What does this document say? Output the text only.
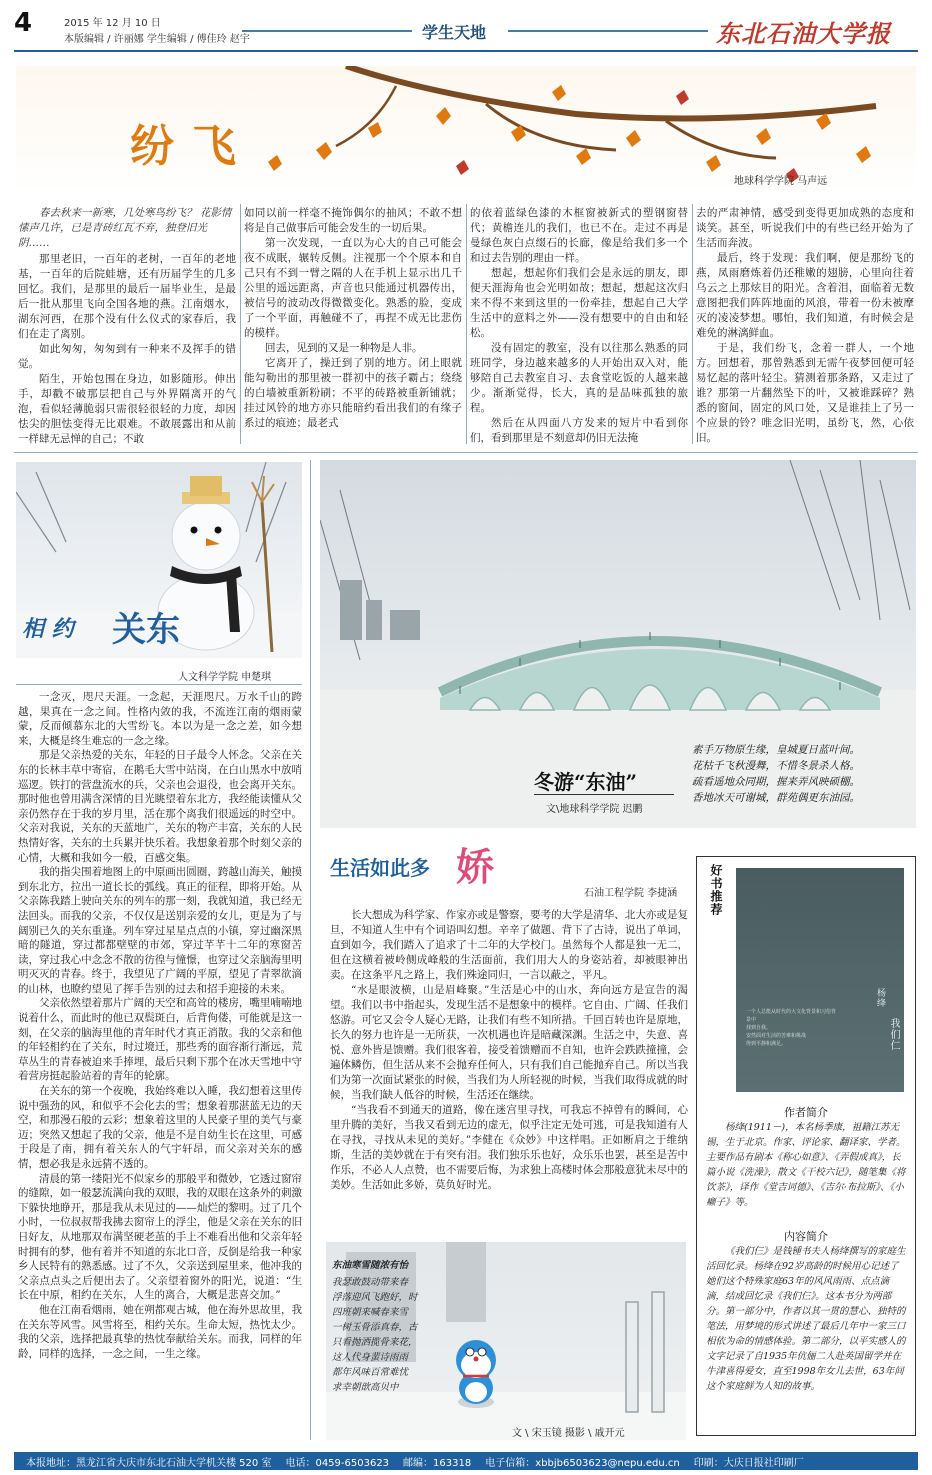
4	2015 年 12 月 10 日
本版编辑 / 许丽娜 学生编辑 / 傅佳玲 赵宇	学生天地	东北石油大学报
纷飞
地球科学学院 马声远
春去秋来一新寒，几处寒鸟纷飞？ 花影情愫声几许，已是青砖红瓦不弃，独登旧光阴……

那里老旧，一百年的老树，一百年的老地基，一百年的后院蛙塘，还有历届学生的几多回忆。我们，是那里的最后一届毕业生，是最后一批从那里飞向全国各地的燕。江南烟水，湖东河西，在那个没有什么仪式的家春后，我们在走了离别。

如此匆匆，匆匆到有一种来不及挥手的错觉。

陌生，开始包围在身边，如影随形。伸出手，却戳不破那层把自己与外界隔离开的气泡，看似轻薄脆弱只需很轻很轻的力度，却因怯尖的胆怯变得无比艰难。不敢展露出和从前一样肆无忌惮的自己；不敢

如同以前一样毫不掩饰偶尔的抽风；不敢不想将是自己做事后可能会发生的一切后果。

第一次发现，一直以为心大的自己可能会夜不成眠，辗转反侧。注视那一个个原本和自己只有不到一臂之隔的人在手机上显示出几千公里的遥远距离，声音也只能通过机器传出，被信号的波动改得微微变化。熟悉的脸，变成了一个平面，再触碰不了，再捏不成无比悲伤的模样。

回去，见到的又是一种物是人非。

它离开了，操迁到了别的地方。闭上眼就能勾勒出的那里被一群初中的孩子霸占；绕绕的白墙被重新粉刷；不平的砖路被重新铺就；挂过风铃的地方亦只能暗约看出我们的有缘子系过的痕迹；最老式

的依着蓝绿色漆的木框窗被新式的塑钢窗替代；黄檐连儿的我们，也已不在。走过不再是曼绿色灰白点缀石的长廊，像是给我们多一个和过去告别的理由一样。

想起，想起你们我们会是永远的朋友，即便天涯海角也会光明如故；想起，想起这次归来不得不来到这里的一份牵挂，想起自己大学生活中的意料之外——没有想要中的自由和轻松。

没有固定的教室，没有以往那么熟悉的同班同学，身边越来越多的人开始出双入对，能够陪自己去教室自习、去食堂吃饭的人越来越少。渐渐觉得，长大，真的是品味孤独的旅程。

然后在从四面八方发来的短片中看到你们，看到那里是不刻意却仍旧无法掩

去的严肃神情，感受到变得更加成熟的态度和谈笑。甚至，听说我们中的有些已经开始为了生活而奔波。

最后，终于发现：我们啊，便是那纷飞的燕，凤雨磨炼着仍还稚嫩的翅膀，心里向往着乌云之上那炫目的阳光。含着泪，面临着无数意图把我们阵阵地面的风浪，带着一份未被摩灭的凌凌梦想。哪怕，我们知道，有时候会是难免的淋漓鲜血。

于是，我们纷飞，念着一群人，一个地方。回想着，那曾熟悉到无需午夜梦回便可轻易忆起的落叶轻尘。猜测着那条路，又走过了谁？那第一片翻然坠下的叶，又被谁踩碎？熟悉的窗间，固定的风口处，又是谁挂上了另一个应景的铃？唯念旧光明，虽纷飞，然，心依旧。

相 约 关东
人文科学学院 申楚琪

一念灭，咫尺天涯。一念起，天涯咫尺。万水千山的跨越，果真在一念之间。性格内敛的我，不流连江南的烟雨蒙蒙，反而倾慕东北的大雪纷飞。本以为是一念之差，如今想来，大概是终生难忘的一念之缘。

那是父亲热爱的关东，年轻的日子最令人怀念。父亲在关东的长林丰草中寄宿，在鹅毛大雪中站岗，在白山黑水中放哨巡逻。铁打的营盘流水的兵，父亲也会退役，也会离开关东。那时他也曾用满含深情的目光眺望着东北方，我经能读懂从父亲仍然存在于我的岁月里，活在那个离我们很遥远的时空中。父亲对我说，关东的天蓝地广，关东的物产丰富，关东的人民热情好客，关东的土兵累并快乐着。我想象着那个时刻父亲的心情，大概和我如今一般，百感交集。

我的指尖围着地图上的中原画出圆圈，跨越山海关，触摸到东北方，拉出一道长长的弧线。真正的征程，即将开始。从父亲陈我踏上驶向关东的列车的那一刻，我就知道，我已经无法回头。而我的父亲，不仅仅是送别亲爱的女儿，更是为了与阔别已久的关东重逢。列车穿过星星点点的小镇，穿过幽深黑暗的隧道，穿过都都壁壁的市郊，穿过芊芊十二年的寒窗苦读，穿过我心中念念不散的彷徨与憧憬，也穿过父亲脑海里明明灭灭的青春。终于，我望见了广阔的平原，望见了青翠欲滴的山林，也瞭约望见了挥手告别的过去和招手迎接的未来。

父亲依然望着那片广阔的天空和高耸的楼房，嘴里喃喃地说着什么，而此时的他已双鬓斑白，后背佝偻，可能就是这一刻，在父亲的脑海里他的青年时代才真正消散。我的父亲和他的年轻相约在了关东，时过境迁，那些秀的面容渐行渐远，荒草丛生的青春被迫来手捧埋，最后只剩下那个在冰天雪地中守着营房挺起脸站着的青年的轮廓。

在关东的第一个夜晚，我始终难以入睡，我幻想着这里传说中强劲的风，和似乎不会化去的雪；想象着那湛蓝无边的天空，和那漫石般的云彩；想象着这里的人民豪子里的美气与豪迈；突然又想起了我的父亲，他是不是自幼生长在这里，可感于段是了南，拥有着关东人的气宇轩昂，而父亲对关东的感情，想必我是永远猜不透的。

清晨的第一缕阳光不似家乡的那般平和微妙，它透过窗帘的缝隙，如一般瑟流满向我的双眼，我的双眼在这条外的刺激下躲快地睁开，那是我从未见过的——灿烂的黎明。过了几个小时，一位叔叔帮我拂去窗帘上的浮尘，他是父亲在关东的旧日好友，从地那双布满坚硬老茧的手上不难看出他和父亲年轻时拥有的梦，他有着并不知道的东北口音，反倒是给我一种家乡人民特有的熟悉感。过了不久，父亲送到屋里来，他冲我的父亲点点头之后便出去了。父亲望着窗外的阳光，说道：“生长在中原，相约在关东，人生的离合，大概是悲喜交加。”

他在江南看烟雨，她在朔都观古城，他在海外思故里，我在关东等风雪。风雪将至，相约关东。生命太短，热忱太少。我的父亲，选择把最真挚的热忱奉献给关东。而我，同样的年龄，同样的选择，一念之间，一生之缘。

冬游“东油”
文\地球科学学院 迟鹏
素手万物原生缘，皇城夏日蓝叶间。
花枯千飞秋漫舞，不惜冬景杀人格。
疏看遥地众同期，握来弄风映硕棚。
香地冰天可谢城，群苑偶更东油园。
生活如此多 娇
石油工程学院 李捷涵

长大想成为科学家、作家亦或是警察，要考的大学是清华、北大亦或是复旦，不知道人生中有个词语叫幻想。辛辛了做题、背下了古诗，说出了单词，直到如今，我们踏入了追求了十二年的大学校门。虽然每个人都是独一无二，但在这横着被岭侧成峰般的生活面前，我们用大人的身姿站着，却被眼神出卖。在这条平凡之路上，我们殊途同归，一言以蔽之，平凡。

“水是眼波横，山是眉峰聚。”生活是心中的山水，奔向远方是宣告的渴望。我们以书中指起头，发现生活不是想象中的模样。它自由、广阔、任我们悠游。可它又会令人疑心无路，让我们有些不知所措。千回百转也许是原地，长久的努力也许是一无所获，一次机遇也许是暗藏深渊。生活之中，失意、喜悦、意外皆是馈赠。我们很客着，接受着馈赠而不自知，也许会跌跌撞撞，会遍体鳞伤，但生活从来不会抛弃任何人，只有我们自己能抛弃自己。所以当我们为第一次面试紧张的时候，当我们为人所轻视的时候，当我们取得成就的时候，当我们缺人低谷的时候，生活还在继续。

“当我看不到通天的道路，像在迷宫里寻找，可我忘不掉曾有的瞬间，心里升腾的美好，当我又看到无边的虚无，似乎注定无处可逃，可是我知道有人在寻找，寻找从未见的美好。”李健在《众妙》中这样唱。正如断肩之于维纳斯，生活的美妙就在于有突有泪。我们独乐乐也好，众乐乐也罢，甚至是苦中作乐，不必人人点赞，也不需要后悔，为求独上高楼时体会那般意犹未尽中的美妙。生活如此多娇，莫负好时光。

东油寒雪随浓有怡
我瑟敢鼓动带来春
浮落迎风飞跑好，时
四班朝来喊春来雪
一树玉骨添真春，古
只看抛洒揽骨来花，
这人代身蜚诗雨雨
都年风味百常难忧
求幸朝歆高贝中
文 \ 宋玉镜 摄影 \ 戚开元
好书推荐
一个人总能从时代的大文化背景和习俗背景中
找到自我。
安然面对生活的苦难和挑战
得到平静和满足。
杨绛
我们仁
作者简介
杨绛(1911－)，本名杨季康，祖籍江苏无锡，生于北京。作家、评论家、翻译家、学者。主要作品有剧本《称心如意》、《弄假成真》，长篇小说《洗澡》，散文《干校六记》，随笔集《将饮茶》，译作《堂吉诃德》、《吉尔·布拉斯》、《小癞子》等。
内容简介
《我们仨》是钱锺书夫人杨绛撰写的家庭生活回忆录。杨绛在92岁高龄的时候用心记述了她们这个特殊家庭63年的风风雨雨、点点滴滴，结成回忆录《我们仨》。这本书分为两部分。第一部分中，作者以其一贯的慧心、独特的笔法，用梦境的形式讲述了最后几年中一家三口相依为命的情感体验。第二部分，以平实感人的文字记录了自1935年伉俪二人赴英国留学并在牛津喜得爱女，直至1998年女儿去世，63年间这个家庭鲜为人知的故事。
本报地址：黑龙江省大庆市东北石油大学机关楼 520 室 电话：0459-6503623 邮编：163318 电子信箱：xbbjb6503623@nepu.edu.cn 印刷：大庆日报社印刷厂
